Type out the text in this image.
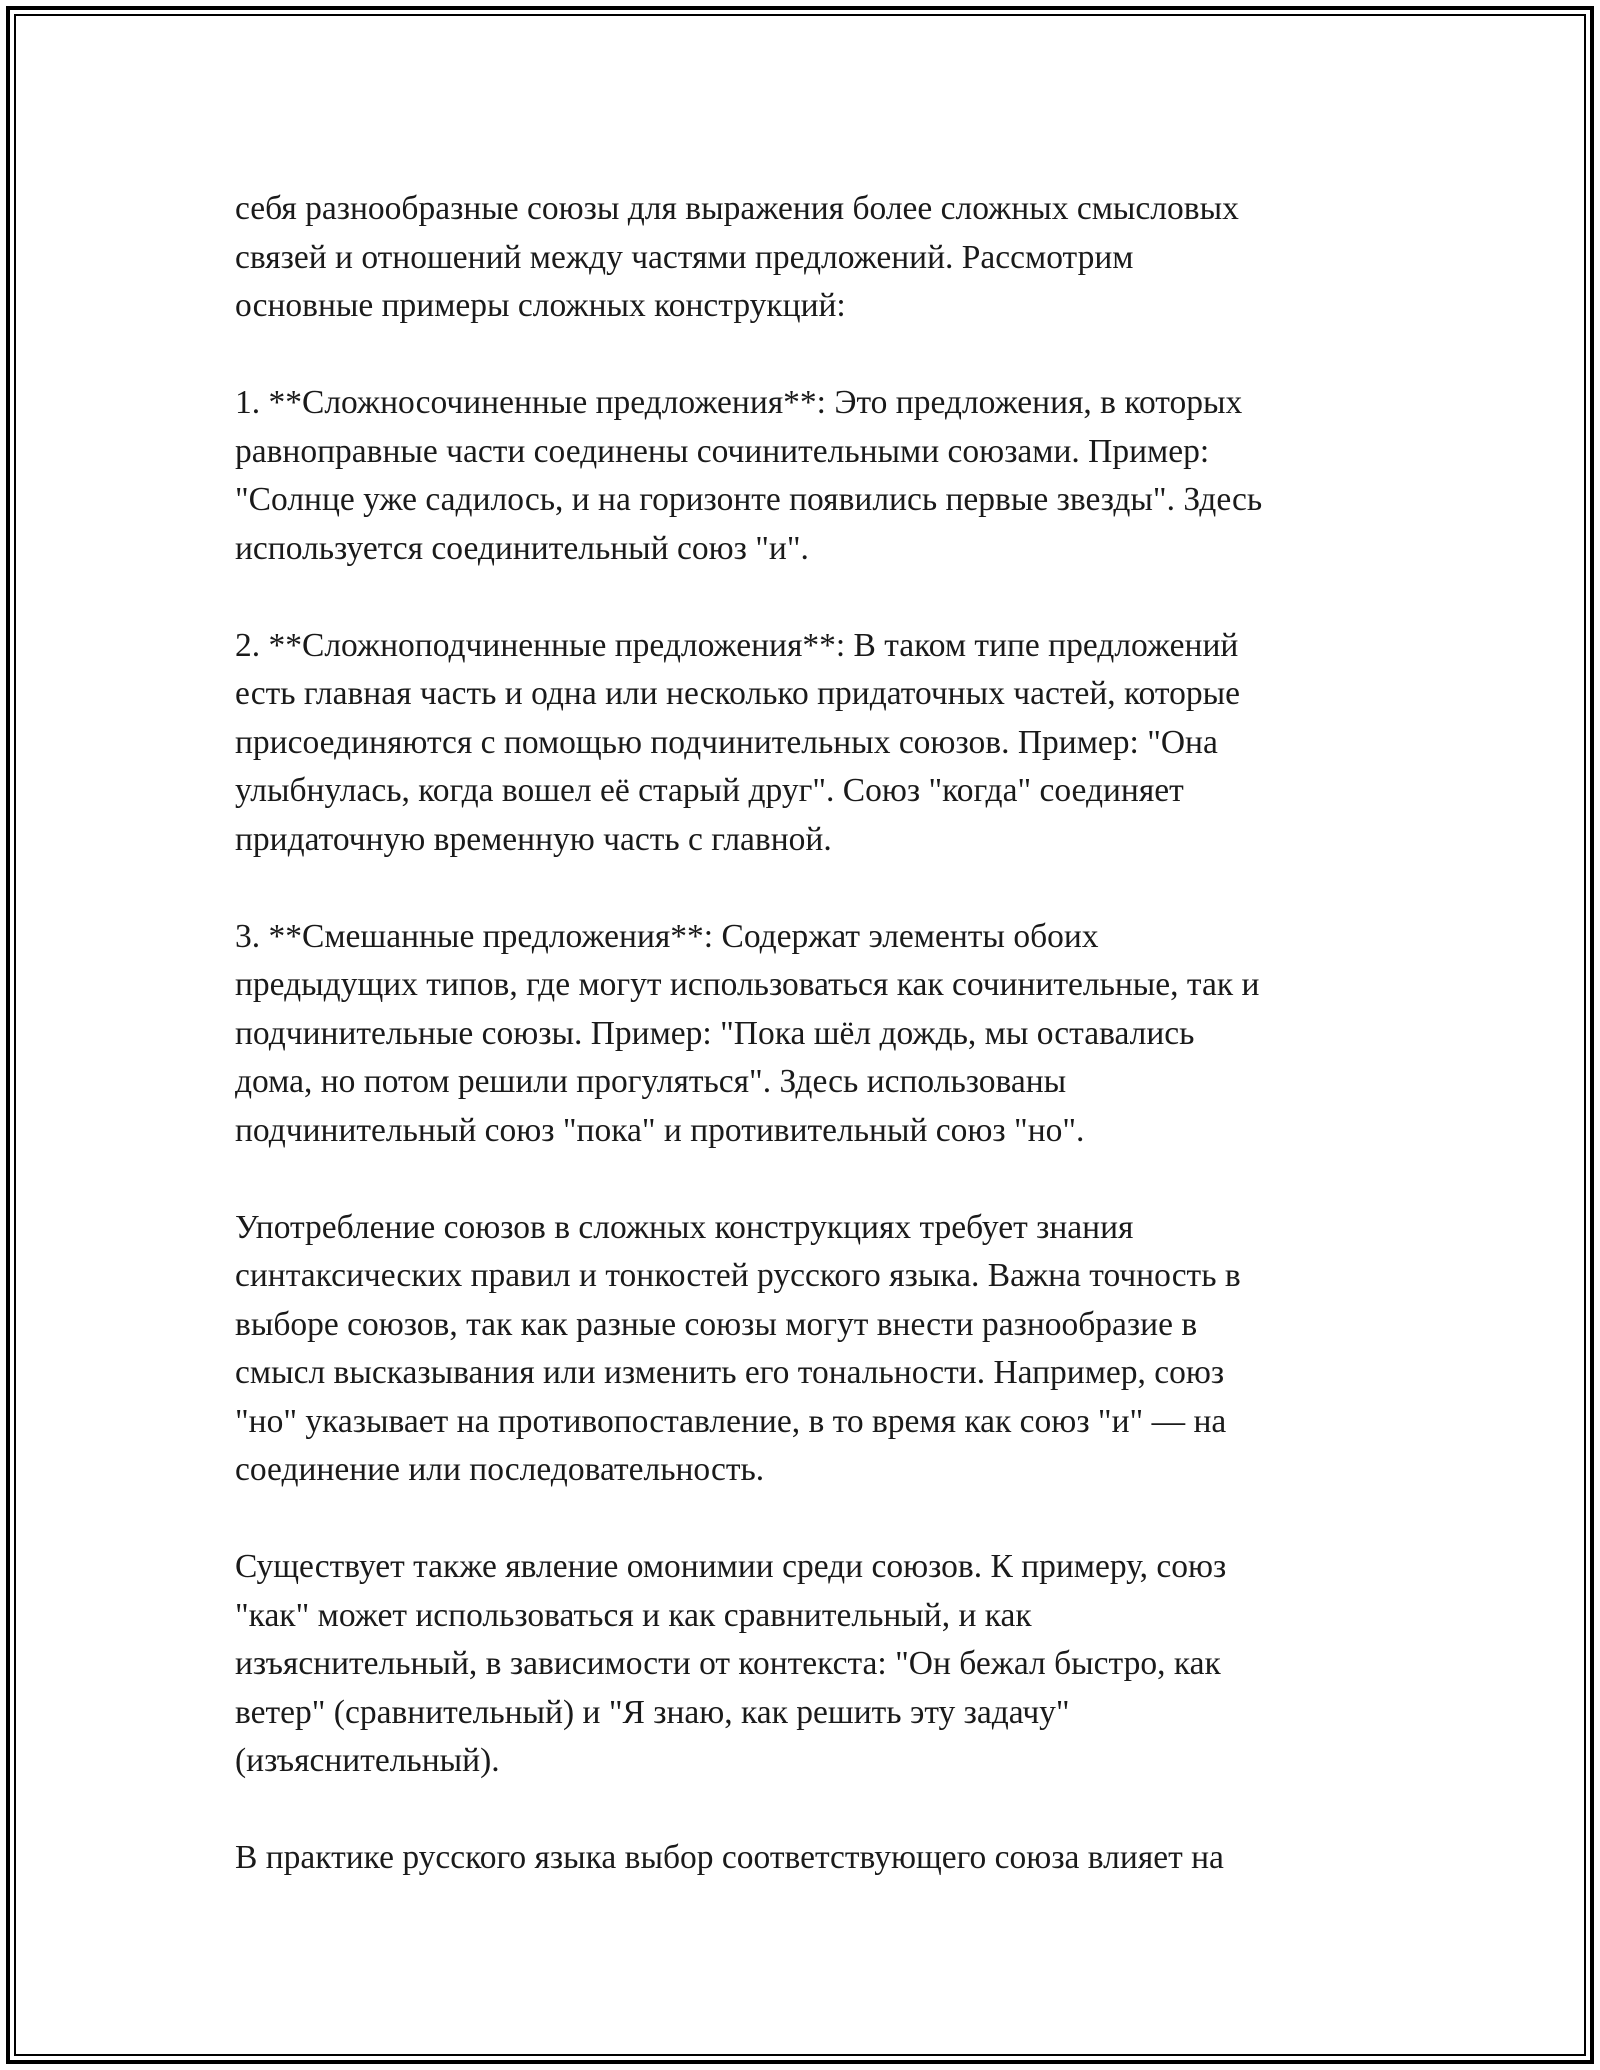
себя разнообразные союзы для выражения более сложных смысловых
связей и отношений между частями предложений. Рассмотрим
основные примеры сложных конструкций:

1. **Сложносочиненные предложения**: Это предложения, в которых
равноправные части соединены сочинительными союзами. Пример:
"Солнце уже садилось, и на горизонте появились первые звезды". Здесь
используется соединительный союз "и".

2. **Сложноподчиненные предложения**: В таком типе предложений
есть главная часть и одна или несколько придаточных частей, которые
присоединяются с помощью подчинительных союзов. Пример: "Она
улыбнулась, когда вошел её старый друг". Союз "когда" соединяет
придаточную временную часть с главной.

3. **Смешанные предложения**: Содержат элементы обоих
предыдущих типов, где могут использоваться как сочинительные, так и
подчинительные союзы. Пример: "Пока шёл дождь, мы оставались
дома, но потом решили прогуляться". Здесь использованы
подчинительный союз "пока" и противительный союз "но".

Употребление союзов в сложных конструкциях требует знания
синтаксических правил и тонкостей русского языка. Важна точность в
выборе союзов, так как разные союзы могут внести разнообразие в
смысл высказывания или изменить его тональности. Например, союз
"но" указывает на противопоставление, в то время как союз "и" — на
соединение или последовательность.

Существует также явление омонимии среди союзов. К примеру, союз
"как" может использоваться и как сравнительный, и как
изъяснительный, в зависимости от контекста: "Он бежал быстро, как
ветер" (сравнительный) и "Я знаю, как решить эту задачу"
(изъяснительный).

В практике русского языка выбор соответствующего союза влияет на
